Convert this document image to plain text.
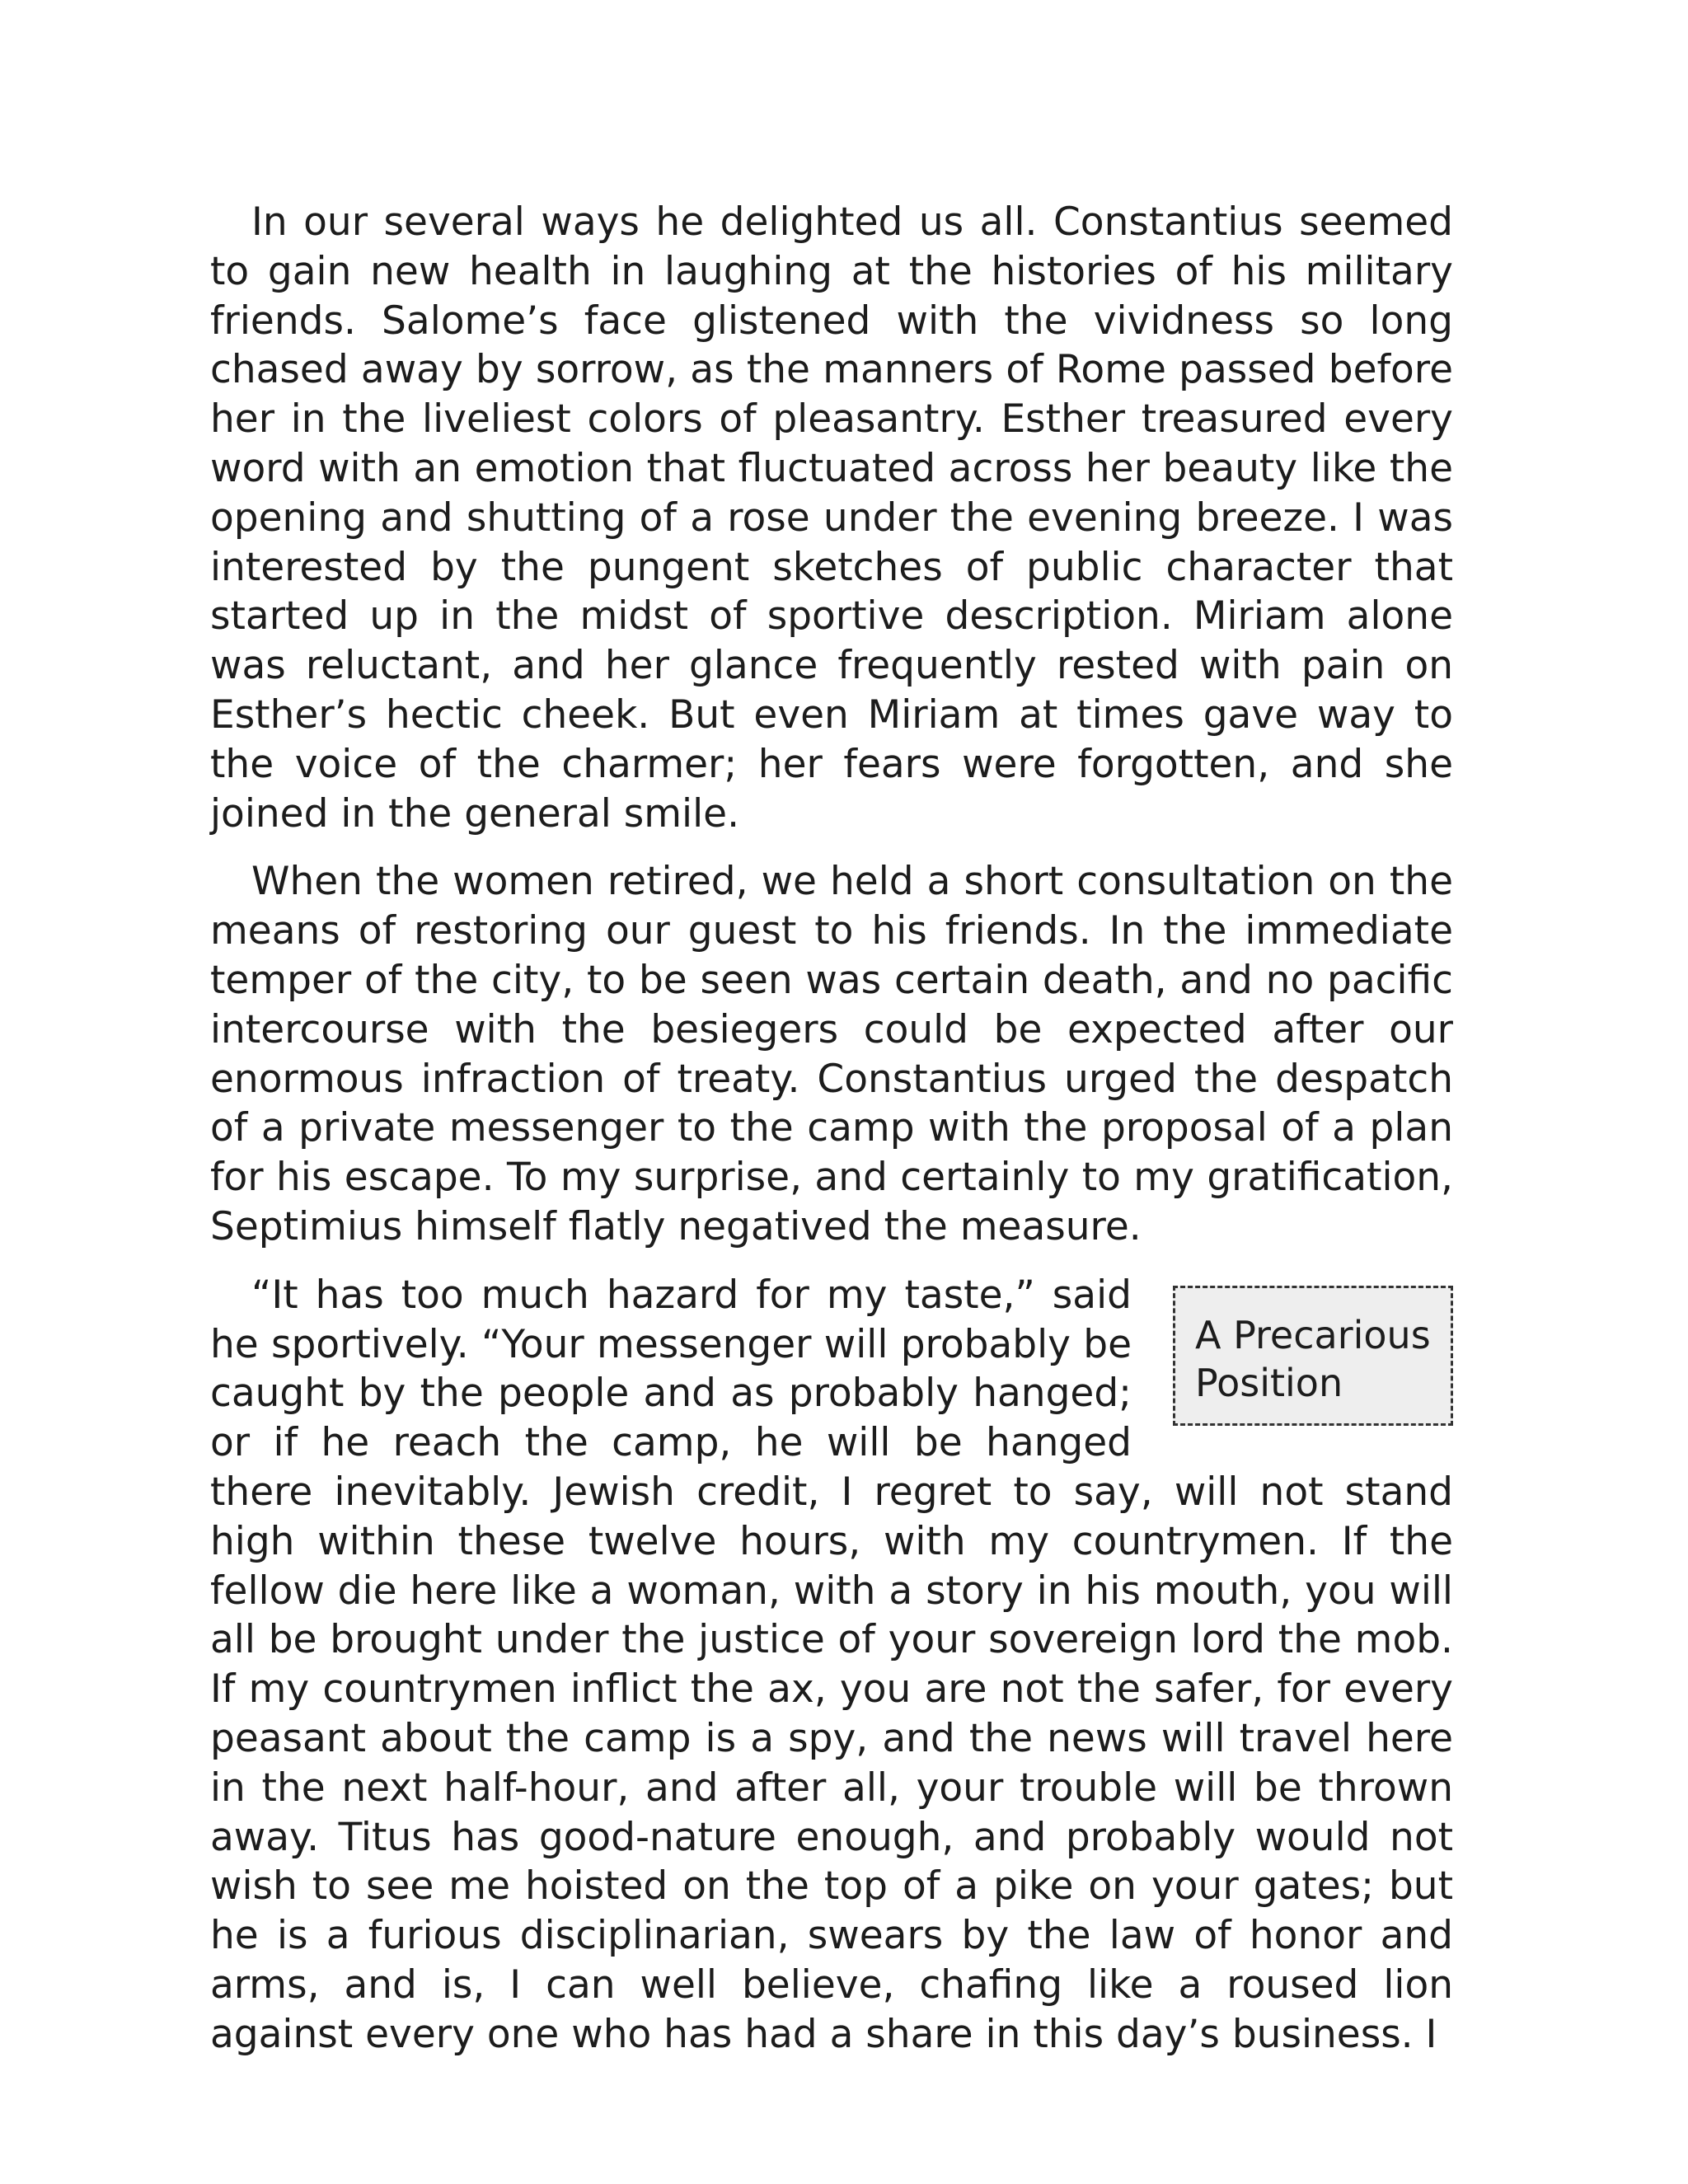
In our several ways he delighted us all. Constantius seemed to gain new health in laughing at the histories of his military friends. Salome’s face glistened with the vividness so long chased away by sorrow, as the manners of Rome passed before her in the liveliest colors of pleasantry. Esther treasured every word with an emotion that fluctuated across her beauty like the opening and shutting of a rose under the evening breeze. I was interested by the pungent sketches of public character that started up in the midst of sportive description. Miriam alone was reluctant, and her glance frequently rested with pain on Esther’s hectic cheek. But even Miriam at times gave way to the voice of the charmer; her fears were forgotten, and she joined in the general smile.

When the women retired, we held a short consultation on the means of restoring our guest to his friends. In the immediate temper of the city, to be seen was certain death, and no pacific intercourse with the besiegers could be expected after our enormous infraction of treaty. Constantius urged the despatch of a private messenger to the camp with the proposal of a plan for his escape. To my surprise, and certainly to my gratification, Septimius himself flatly negatived the measure.

A Precarious Position
“It has too much hazard for my taste,” said he sportively. “Your messenger will probably be caught by the people and as probably hanged; or if he reach the camp, he will be hanged there inevitably. Jewish credit, I regret to say, will not stand high within these twelve hours, with my countrymen. If the fellow die here like a woman, with a story in his mouth, you will all be brought under the justice of your sovereign lord the mob. If my countrymen inflict the ax, you are not the safer, for every peasant about the camp is a spy, and the news will travel here in the next half-hour, and after all, your trouble will be thrown away. Titus has good-nature enough, and probably would not wish to see me hoisted on the top of a pike on your gates; but he is a furious disciplinarian, swears by the law of honor and arms, and is, I can well believe, chafing like a roused lion against every one who has had a share in this day’s business. I
